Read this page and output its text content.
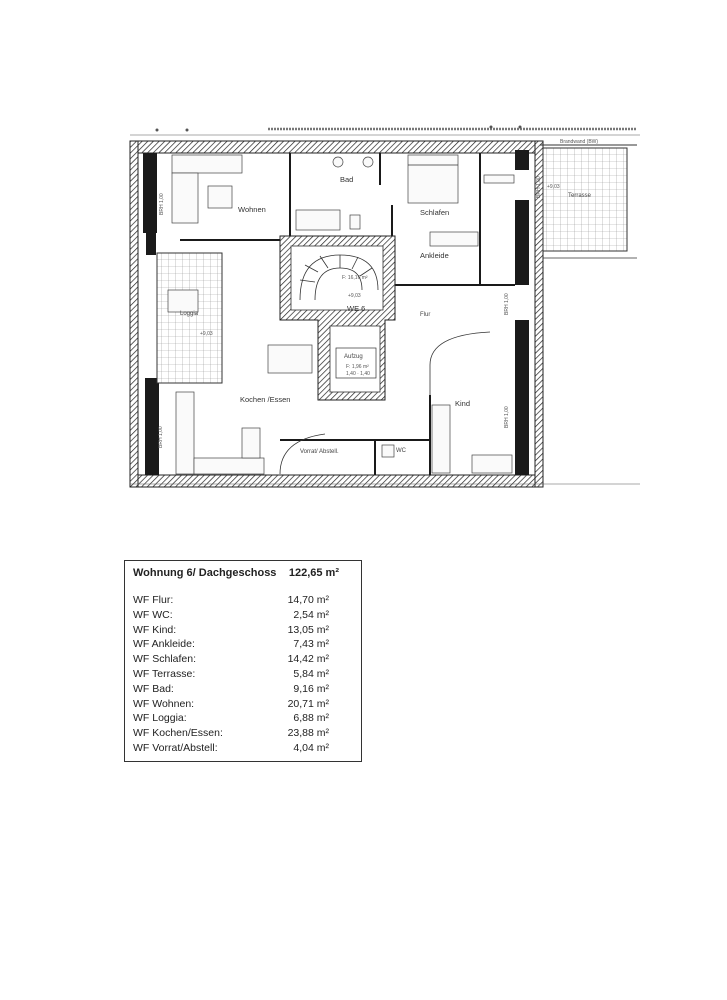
Brandwand (BW)
Terrasse
+9,03
F: 16,16 m²
+9,03
WE 6
Aufzug
F: 1,96 m²
1,40 · 1,40
Wohnen
Loggia
+9,03
Bad
Schlafen
Ankleide
Kochen /Essen
Vorrat/ Abstell.
Flur
Kind
WC
BRH 1,00
BRH 1,00
BRH 1,00
BRH 1,00
BRH 1,00
Wohnung 6/ Dachgeschoss 122,65 m²
WF Flur:	14,70 m²
WF WC:	2,54 m²
WF Kind:	13,05 m²
WF Ankleide:	7,43 m²
WF Schlafen:	14,42 m²
WF Terrasse:	5,84 m²
WF Bad:	9,16 m²
WF Wohnen:	20,71 m²
WF Loggia:	6,88 m²
WF Kochen/Essen:	23,88 m²
WF Vorrat/Abstell:	4,04 m²
